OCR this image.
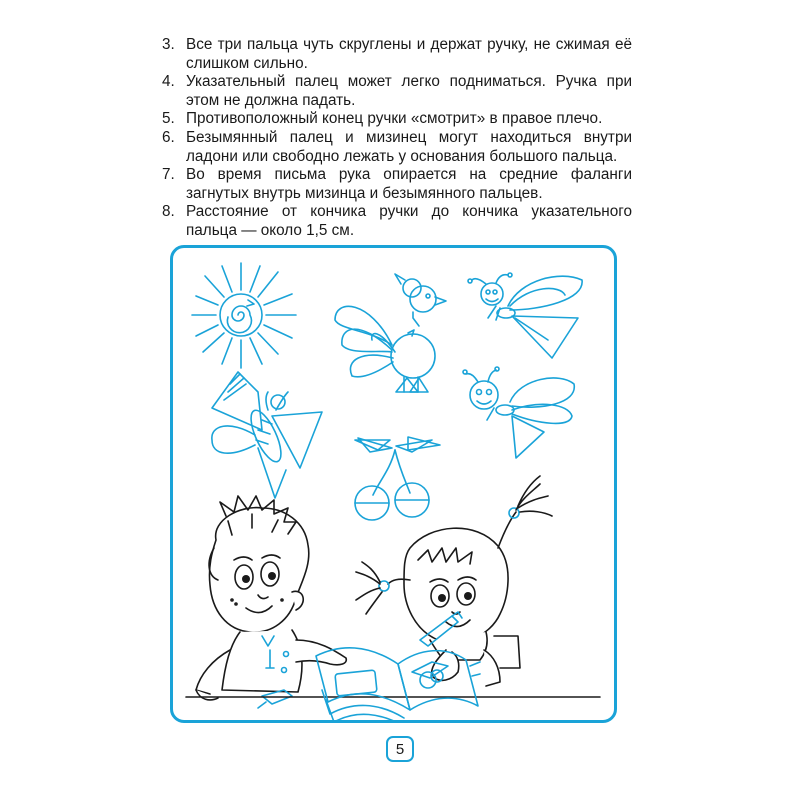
3. Все три пальца чуть скруглены и держат ручку, не сжимая её слишком сильно.
4. Указательный палец может легко подниматься. Ручка при этом не должна падать.
5. Противоположный конец ручки «смотрит» в правое плечо.
6. Безымянный палец и мизинец могут находиться внутри ладони или свободно лежать у основания большого пальца.
7. Во время письма рука опирается на средние фаланги загнутых внутрь мизинца и безымянного пальцев.
8. Расстояние от кончика ручки до кончика указательного пальца — около 1,5 см.
5
